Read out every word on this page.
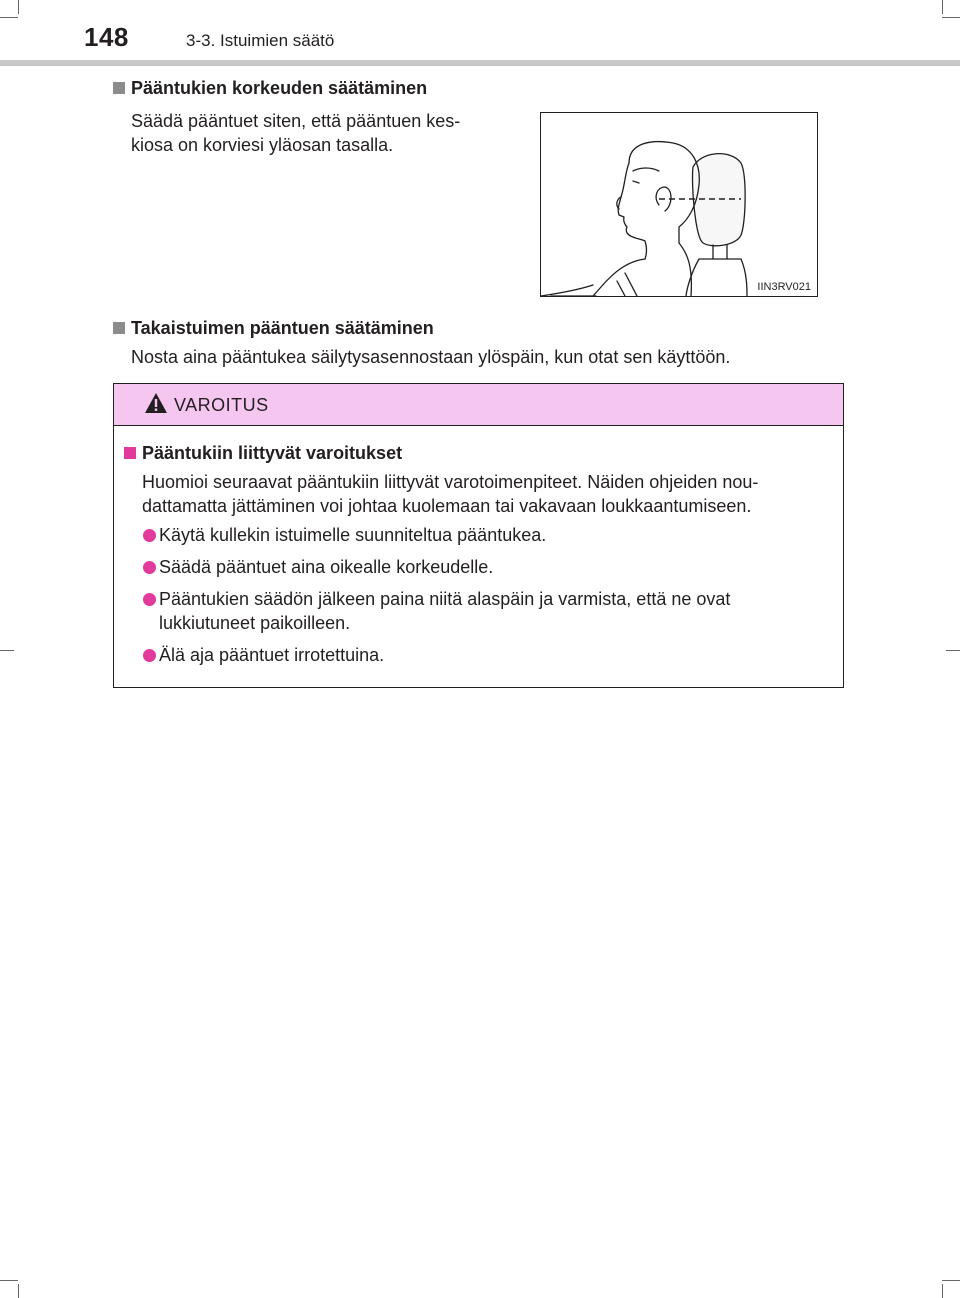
148	3-3. Istuimien säätö
Pääntukien korkeuden säätäminen
Säädä pääntuet siten, että pääntuen kes-
kiosa on korviesi yläosan tasalla.
IIN3RV021
Takaistuimen pääntuen säätäminen
Nosta aina pääntukea säilytysasennostaan ylöspäin, kun otat sen käyttöön.
VAROITUS
Pääntukiin liittyvät varoitukset
Huomioi seuraavat pääntukiin liittyvät varotoimenpiteet. Näiden ohjeiden nou-
dattamatta jättäminen voi johtaa kuolemaan tai vakavaan loukkaantumiseen.
Käytä kullekin istuimelle suunniteltua pääntukea.
Säädä pääntuet aina oikealle korkeudelle.
Pääntukien säädön jälkeen paina niitä alaspäin ja varmista, että ne ovat
lukkiutuneet paikoilleen.
Älä aja pääntuet irrotettuina.
